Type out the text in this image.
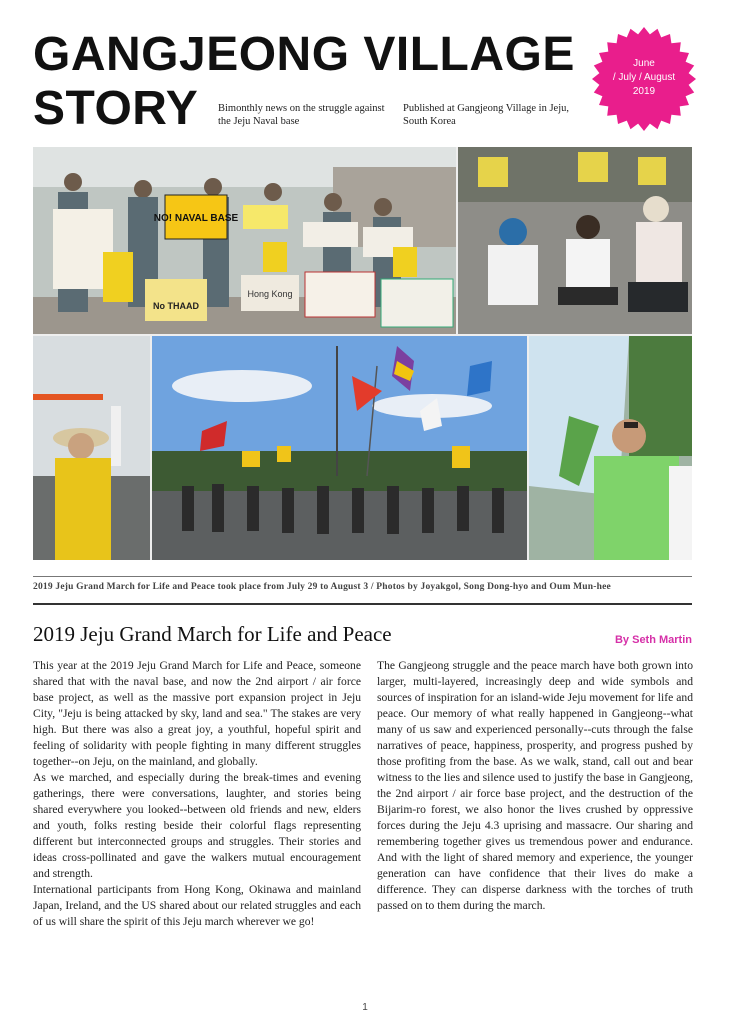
GANGJEONG VILLAGE
STORY Bimonthly news on the struggle against the Jeju Naval base
Published at Gangjeong Village in Jeju, South Korea
June
/ July / August
2019
NO! NAVAL BASE
No THAAD
Hong Kong
2019 Jeju Grand March for Life and Peace took place from July 29 to August 3 / Photos by Joyakgol, Song Dong-hyo and Oum Mun-hee
2019 Jeju Grand March for Life and Peace	By Seth Martin

This year at the 2019 Jeju Grand March for Life and Peace, someone shared that with the naval base, and now the 2nd airport / air force base project, as well as the massive port expansion project in Jeju City, "Jeju is being attacked by sky, land and sea." The stakes are very high. But there was also a great joy, a youthful, hopeful spirit and feeling of solidarity with people fighting in many different struggles together--on Jeju, on the mainland, and globally.

As we marched, and especially during the break-times and evening gatherings, there were conversations, laughter, and stories being shared everywhere you looked--between old friends and new, elders and youth, folks resting beside their colorful flags representing different but interconnected groups and struggles. Their stories and ideas cross-pollinated and gave the walkers mutual encouragement and strength.

International participants from Hong Kong, Okinawa and mainland Japan, Ireland, and the US shared about our related struggles and each of us will share the spirit of this Jeju march wherever we go!

The Gangjeong struggle and the peace march have both grown into larger, multi-layered, increasingly deep and wide symbols and sources of inspiration for an island-wide Jeju movement for life and peace. Our memory of what really happened in Gangjeong--what many of us saw and experienced personally--cuts through the false narratives of peace, happiness, prosperity, and progress pushed by those profiting from the base. As we walk, stand, call out and bear witness to the lies and silence used to justify the base in Gangjeong, the 2nd airport / air force base project, and the destruction of the Bijarim-ro forest, we also honor the lives crushed by oppressive forces during the Jeju 4.3 uprising and massacre. Our sharing and remembering together gives us tremendous power and endurance. And with the light of shared memory and experience, the younger generation can have confidence that their lives do make a difference. They can disperse darkness with the torches of truth passed on to them during the march.

1
